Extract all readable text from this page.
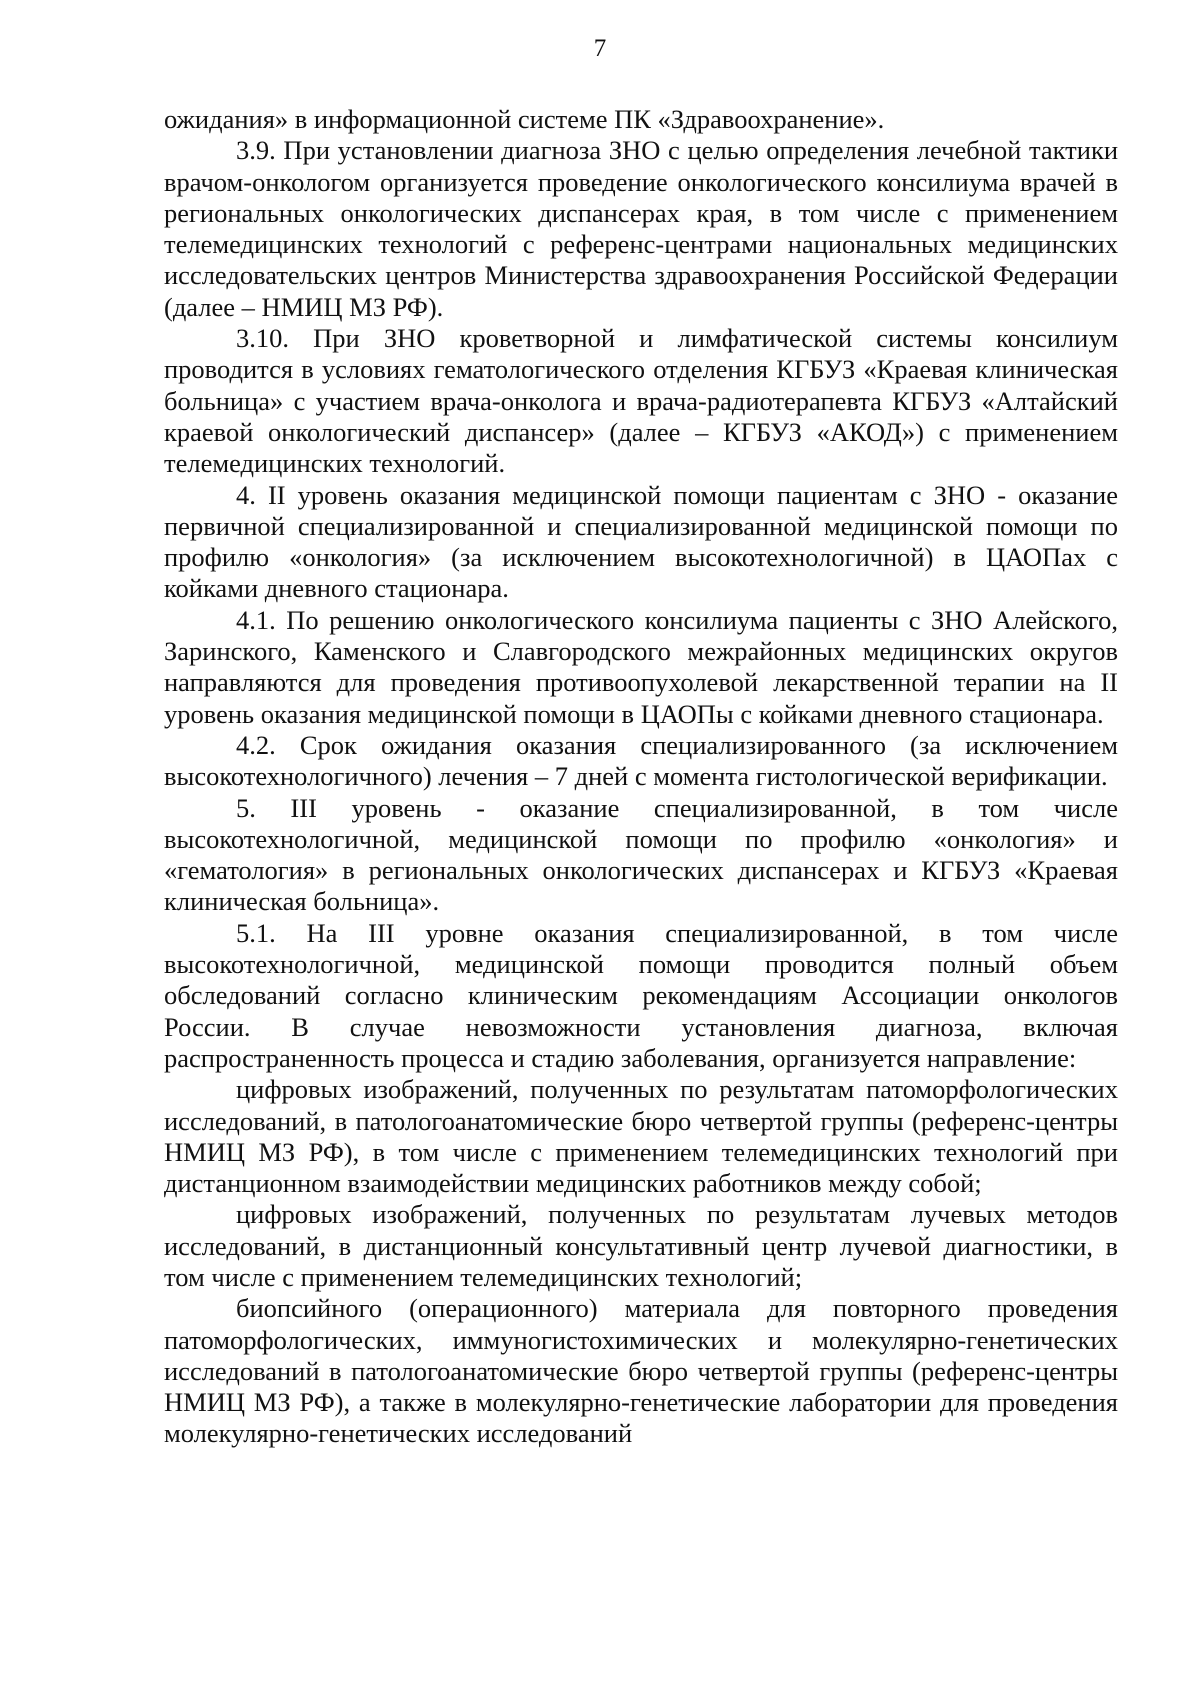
7

ожидания» в информационной системе ПК «Здравоохранение».

3.9. При установлении диагноза ЗНО с целью определения лечебной тактики врачом-онкологом организуется проведение онкологического консилиума врачей в региональных онкологических диспансерах края, в том числе с применением телемедицинских технологий с референс-центрами национальных медицинских исследовательских центров Министерства здравоохранения Российской Федерации (далее – НМИЦ МЗ РФ).

3.10. При ЗНО кроветворной и лимфатической системы консилиум проводится в условиях гематологического отделения КГБУЗ «Краевая клиническая больница» с участием врача-онколога и врача-радиотерапевта КГБУЗ «Алтайский краевой онкологический диспансер» (далее – КГБУЗ «АКОД») с применением телемедицинских технологий.

4. II уровень оказания медицинской помощи пациентам с ЗНО - оказание первичной специализированной и специализированной медицинской помощи по профилю «онкология» (за исключением высокотехнологичной) в ЦАОПах с койками дневного стационара.

4.1. По решению онкологического консилиума пациенты с ЗНО Алейского, Заринского, Каменского и Славгородского межрайонных медицинских округов направляются для проведения противоопухолевой лекарственной терапии на II уровень оказания медицинской помощи в ЦАОПы с койками дневного стационара.

4.2. Срок ожидания оказания специализированного (за исключением высокотехнологичного) лечения – 7 дней с момента гистологической верификации.

5. III уровень - оказание специализированной, в том числе высокотехнологичной, медицинской помощи по профилю «онкология» и «гематология» в региональных онкологических диспансерах и КГБУЗ «Краевая клиническая больница».

5.1. На III уровне оказания специализированной, в том числе высокотехнологичной, медицинской помощи проводится полный объем обследований согласно клиническим рекомендациям Ассоциации онкологов России. В случае невозможности установления диагноза, включая распространенность процесса и стадию заболевания, организуется направление:

цифровых изображений, полученных по результатам патоморфологических исследований, в патологоанатомические бюро четвертой группы (референс-центры НМИЦ МЗ РФ), в том числе с применением телемедицинских технологий при дистанционном взаимодействии медицинских работников между собой;

цифровых изображений, полученных по результатам лучевых методов исследований, в дистанционный консультативный центр лучевой диагностики, в том числе с применением телемедицинских технологий;

биопсийного (операционного) материала для повторного проведения патоморфологических, иммуногистохимических и молекулярно-генетических исследований в патологоанатомические бюро четвертой группы (референс-центры НМИЦ МЗ РФ), а также в молекулярно-генетические лаборатории для проведения молекулярно-генетических исследований
